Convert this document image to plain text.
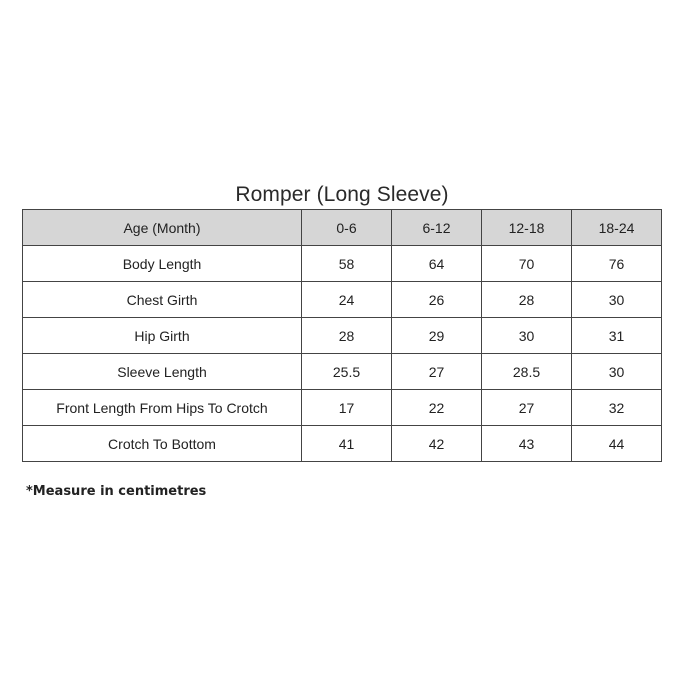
Romper (Long Sleeve)
Age (Month)	0-6	6-12	12-18	18-24
Body Length	58	64	70	76
Chest Girth	24	26	28	30
Hip Girth	28	29	30	31
Sleeve Length	25.5	27	28.5	30
Front Length From Hips To Crotch	17	22	27	32
Crotch To Bottom	41	42	43	44
*Measure in centimetres
